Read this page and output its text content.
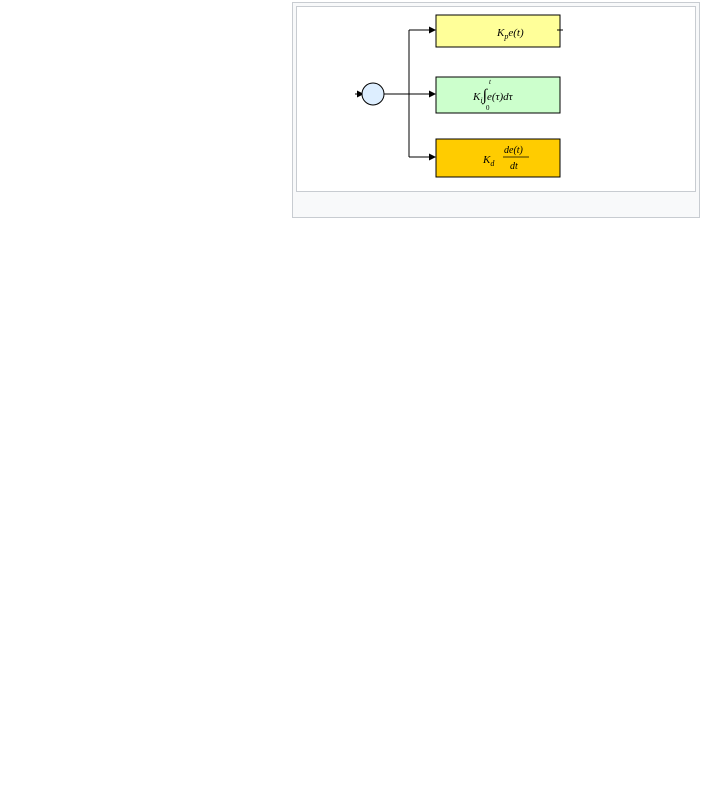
$K_pe(t)$
$K_i\int e(\tau)d\tau$
t
0
$K_d$
de(t)
dt
